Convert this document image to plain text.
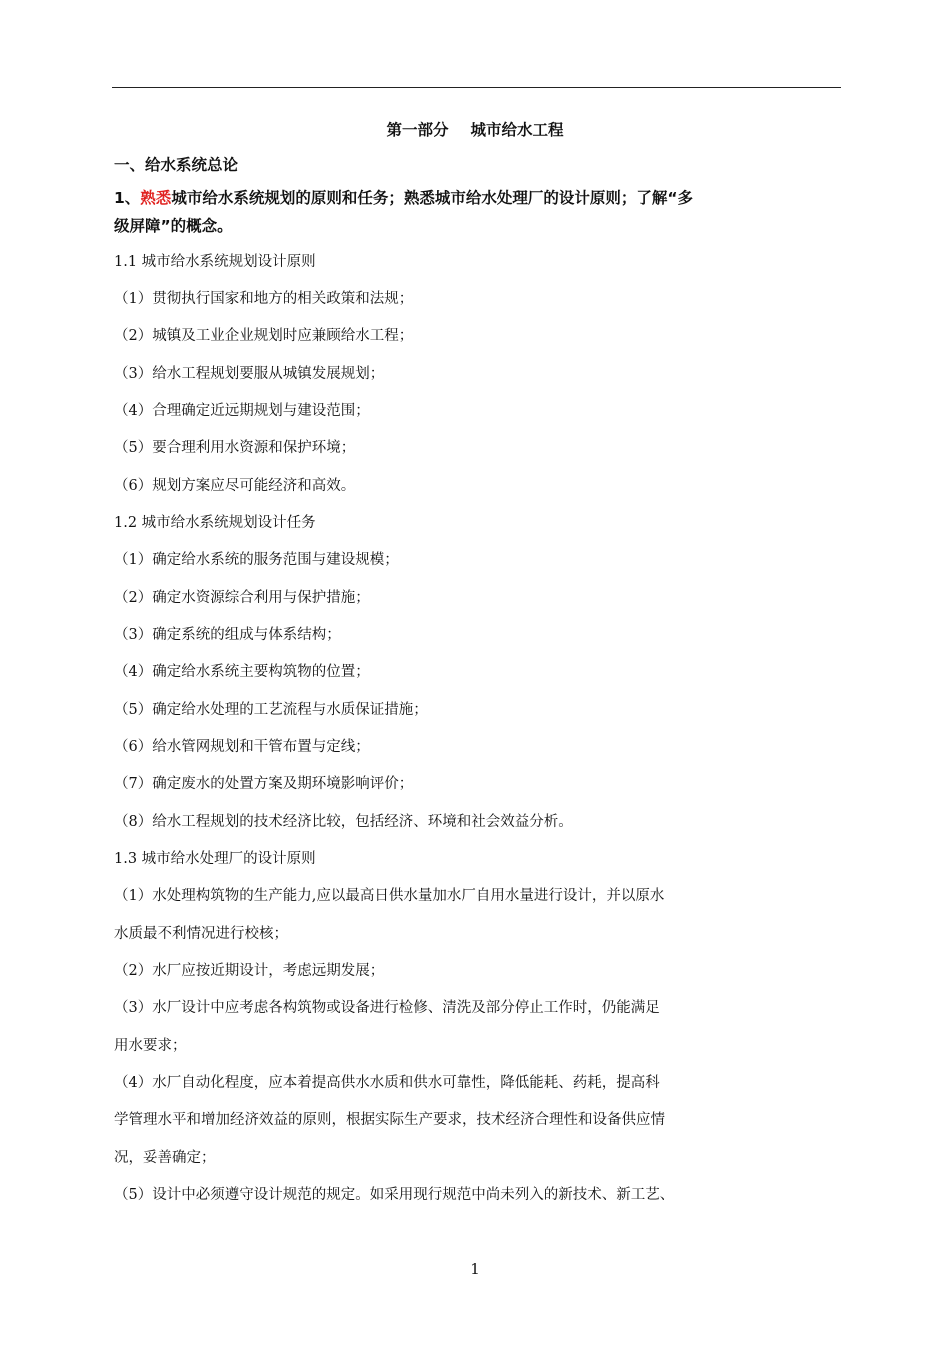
第一部分 城市给水工程
一、给水系统总论
1、熟悉城市给水系统规划的原则和任务；熟悉城市给水处理厂的设计原则；了解“多
级屏障”的概念。
1.1 城市给水系统规划设计原则
（1）贯彻执行国家和地方的相关政策和法规；
（2）城镇及工业企业规划时应兼顾给水工程；
（3）给水工程规划要服从城镇发展规划；
（4）合理确定近远期规划与建设范围；
（5）要合理利用水资源和保护环境；
（6）规划方案应尽可能经济和高效。
1.2 城市给水系统规划设计任务
（1）确定给水系统的服务范围与建设规模；
（2）确定水资源综合利用与保护措施；
（3）确定系统的组成与体系结构；
（4）确定给水系统主要构筑物的位置；
（5）确定给水处理的工艺流程与水质保证措施；
（6）给水管网规划和干管布置与定线；
（7）确定废水的处置方案及期环境影响评价；
（8）给水工程规划的技术经济比较，包括经济、环境和社会效益分析。
1.3 城市给水处理厂的设计原则
（1）水处理构筑物的生产能力,应以最高日供水量加水厂自用水量进行设计，并以原水
水质最不利情况进行校核；
（2）水厂应按近期设计，考虑远期发展；
（3）水厂设计中应考虑各构筑物或设备进行检修、清洗及部分停止工作时，仍能满足
用水要求；
（4）水厂自动化程度，应本着提高供水水质和供水可靠性，降低能耗、药耗，提高科
学管理水平和增加经济效益的原则，根据实际生产要求，技术经济合理性和设备供应情
况，妥善确定；
（5）设计中必须遵守设计规范的规定。如采用现行规范中尚未列入的新技术、新工艺、
1
